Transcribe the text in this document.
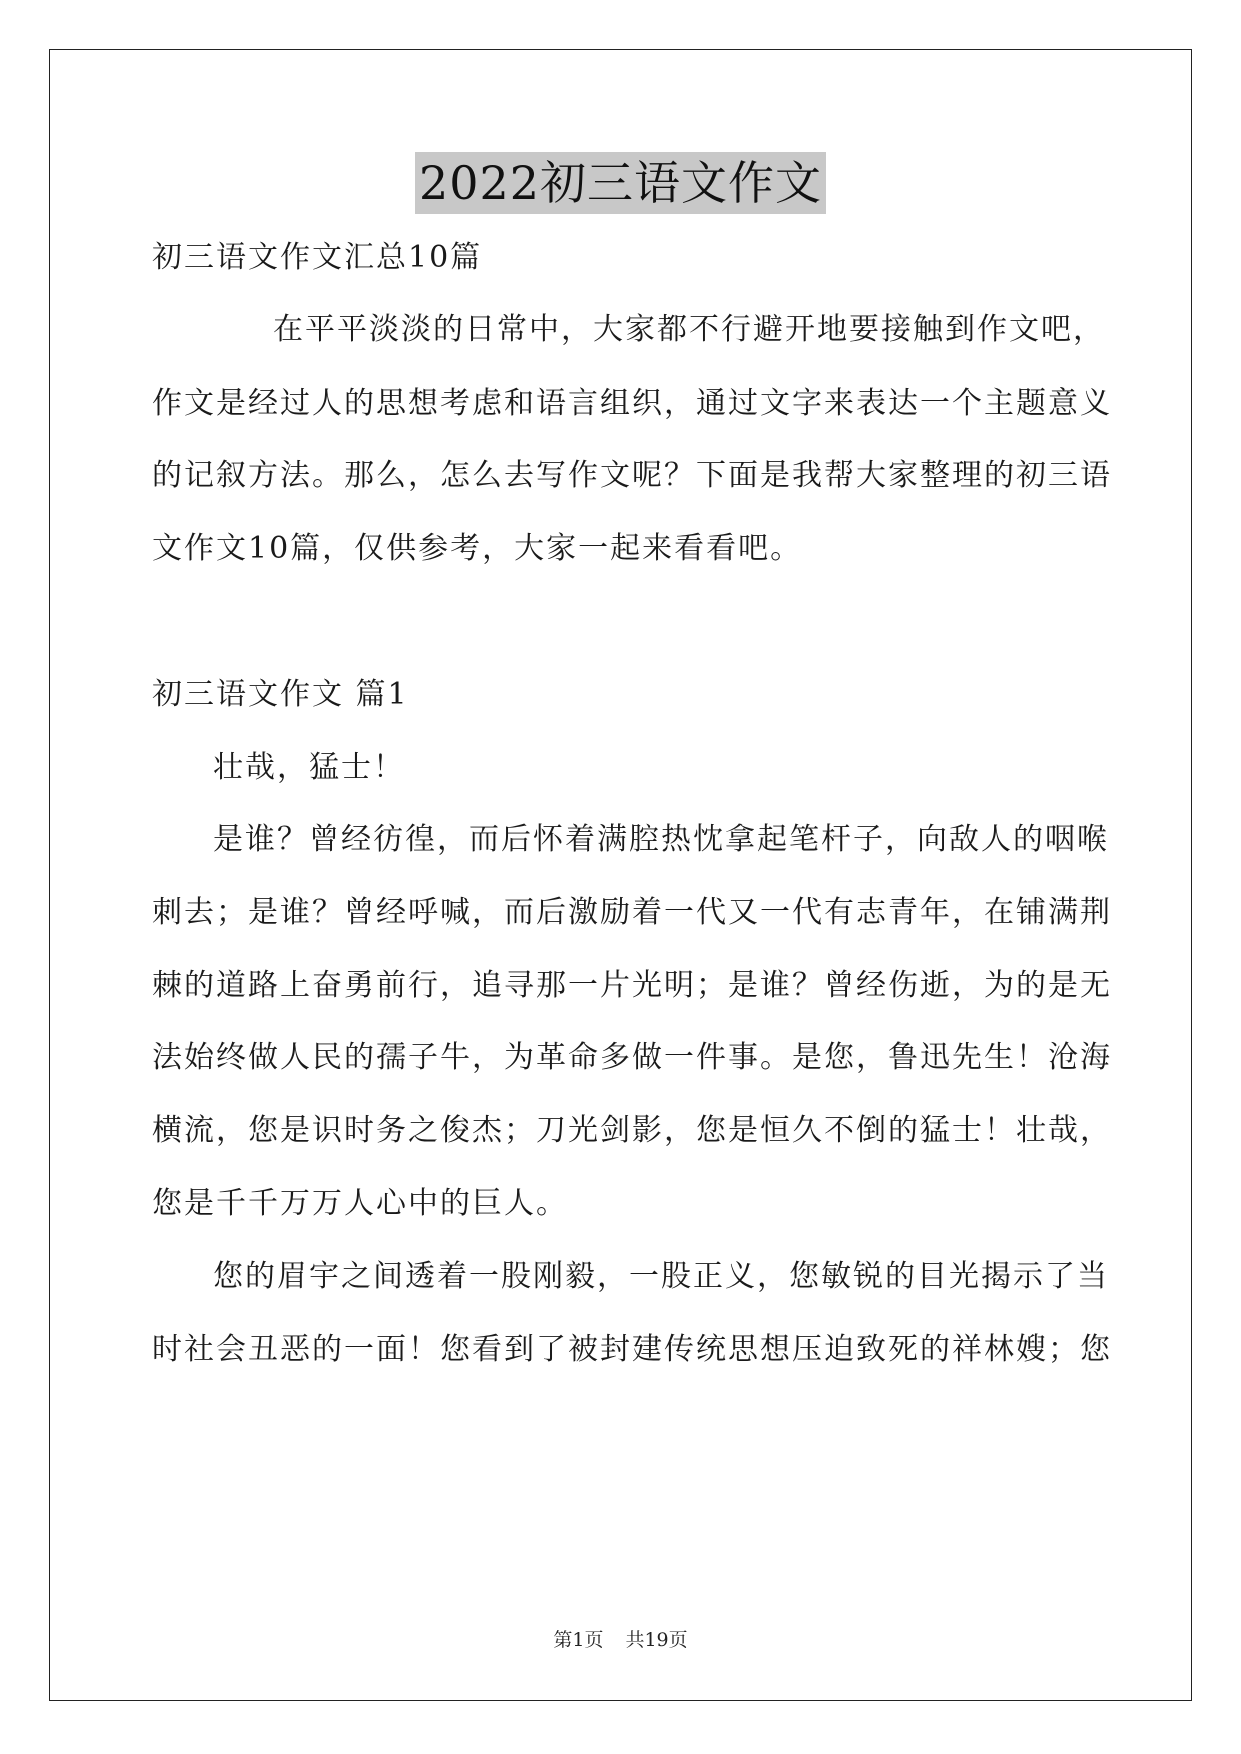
2022初三语文作文
初三语文作文汇总10篇
在平平淡淡的日常中，大家都不行避开地要接触到作文吧，
作文是经过人的思想考虑和语言组织，通过文字来表达一个主题意义
的记叙方法。那么，怎么去写作文呢？下面是我帮大家整理的初三语
文作文10篇，仅供参考，大家一起来看看吧。
初三语文作文 篇1
壮哉，猛士！
是谁？曾经彷徨，而后怀着满腔热忱拿起笔杆子，向敌人的咽喉
刺去；是谁？曾经呼喊，而后激励着一代又一代有志青年，在铺满荆
棘的道路上奋勇前行，追寻那一片光明；是谁？曾经伤逝，为的是无
法始终做人民的孺子牛，为革命多做一件事。是您，鲁迅先生！沧海
横流，您是识时务之俊杰；刀光剑影，您是恒久不倒的猛士！壮哉，
您是千千万万人心中的巨人。
您的眉宇之间透着一股刚毅，一股正义，您敏锐的目光揭示了当
时社会丑恶的一面！您看到了被封建传统思想压迫致死的祥林嫂；您
第1页 共19页
